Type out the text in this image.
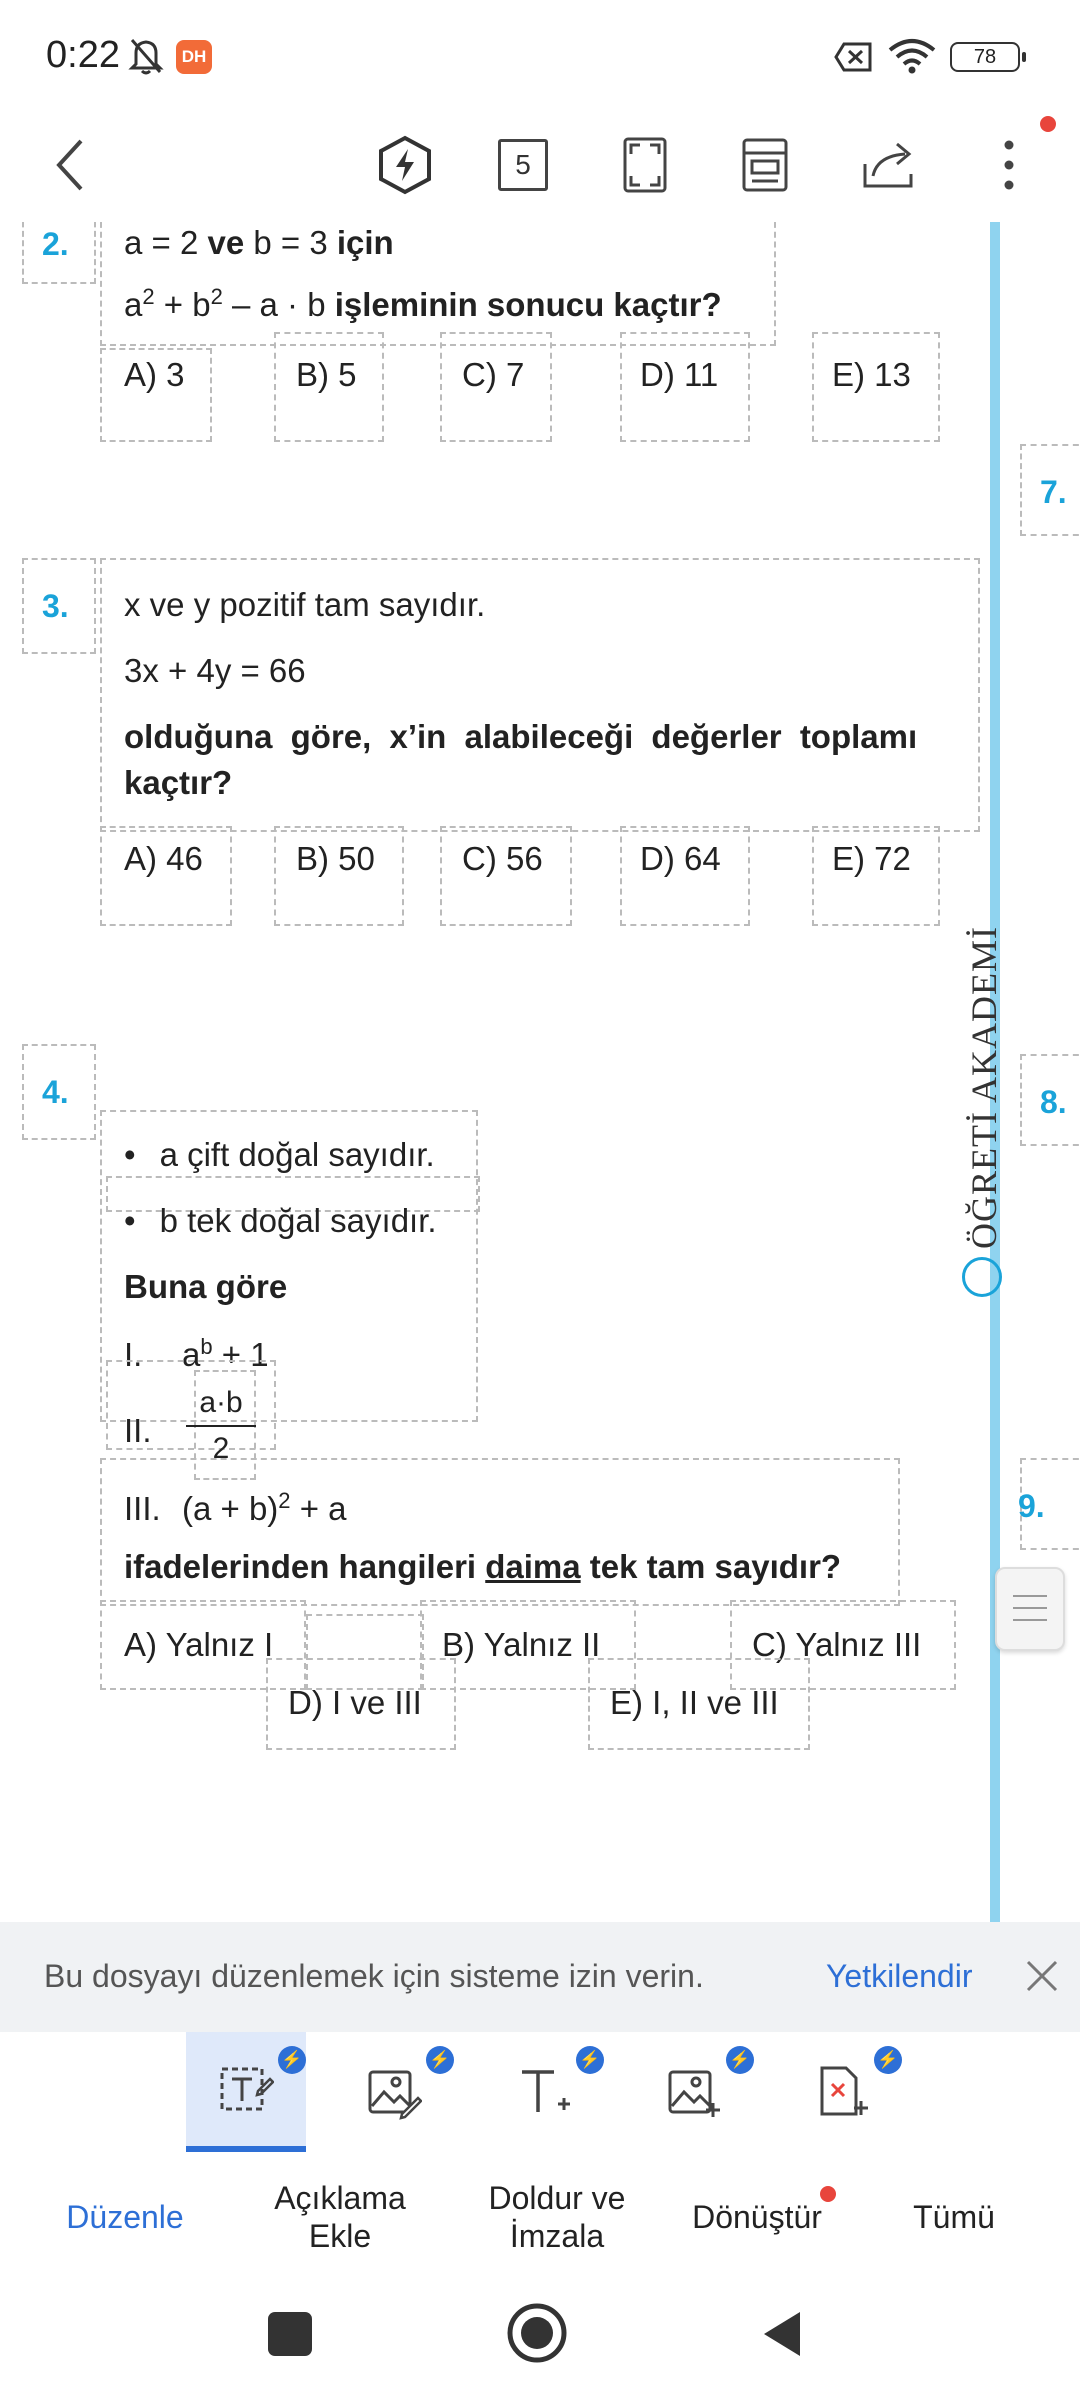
0:22	DH	78
5
ÖĞRETİ AKADEMİ
7.
8.
9.
2. a = 2 ve b = 3 için
$a^2 + b^2 - a \cdot b$ işleminin sonucu kaçtır?
A) 3	B) 5	C) 7	D) 11	E) 13
3. x ve y pozitif tam sayıdır.
3x + 4y = 66
olduğuna göre, x’in alabileceği değerler toplamı
kaçtır?
A) 46	B) 50	C) 56	D) 64	E) 72
4.
• a çift doğal sayıdır.
• b tek doğal sayıdır.
Buna göre
I. $a^b + 1$
II.
a·b
2
III. $(a + b)^2 + a$
ifadelerinden hangileri daima tek tam sayıdır?
A) Yalnız I	B) Yalnız II	C) Yalnız III
D) I ve III	E) I, II ve III
Bu dosyayı düzenlemek için sisteme izin verin.	Yetkilendir
⚡	⚡	⚡	⚡	⚡
Düzenle
Açıklama Ekle
Doldur ve İmzala
Dönüştür	Tümü
